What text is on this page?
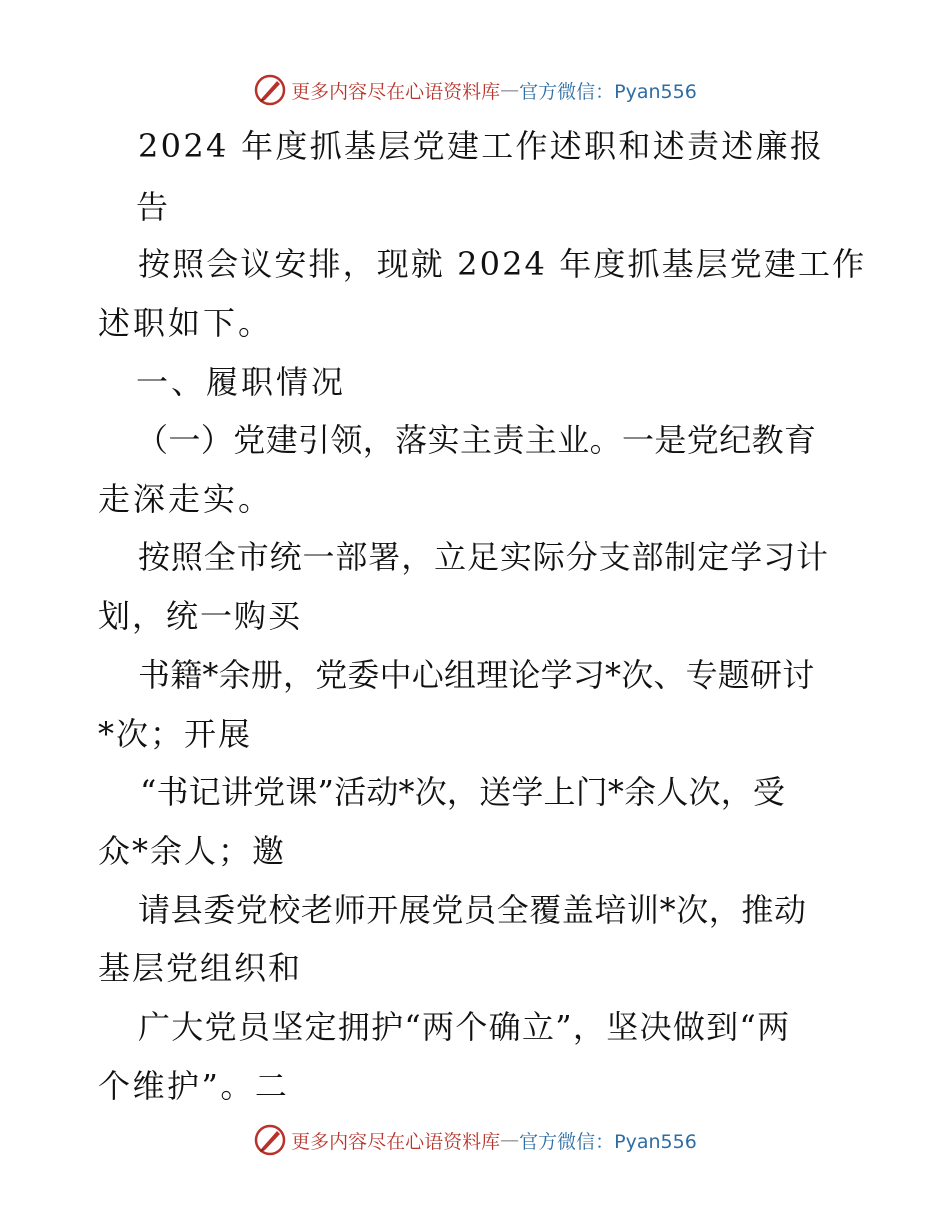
更多内容尽在心语资料库 — 官方微信：Pyan556
2024 年度抓基层党建工作述职和述责述廉报
告
按照会议安排，现就 2024 年度抓基层党建工作
述职如下。
一、履职情况
（一）党建引领，落实主责主业。一是党纪教育
走深走实。
按照全市统一部署，立足实际分支部制定学习计
划，统一购买
书籍*余册，党委中心组理论学习*次、专题研讨
*次；开展
“书记讲党课”活动*次，送学上门*余人次，受
众*余人；邀
请县委党校老师开展党员全覆盖培训*次，推动
基层党组织和
广大党员坚定拥护“两个确立”，坚决做到“两
个维护”。二
更多内容尽在心语资料库 — 官方微信：Pyan556
